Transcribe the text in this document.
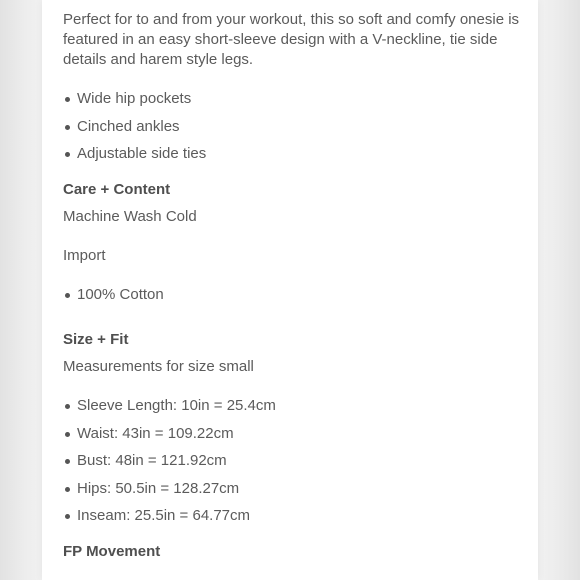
Perfect for to and from your workout, this so soft and comfy onesie is featured in an easy short-sleeve design with a V-neckline, tie side details and harem style legs.

Wide hip pockets
Cinched ankles
Adjustable side ties
Care + Content
Machine Wash Cold
Import
100% Cotton
Size + Fit
Measurements for size small
Sleeve Length: 10in = 25.4cm
Waist: 43in = 109.22cm
Bust: 48in = 121.92cm
Hips: 50.5in = 128.27cm
Inseam: 25.5in = 64.77cm
FP Movement
